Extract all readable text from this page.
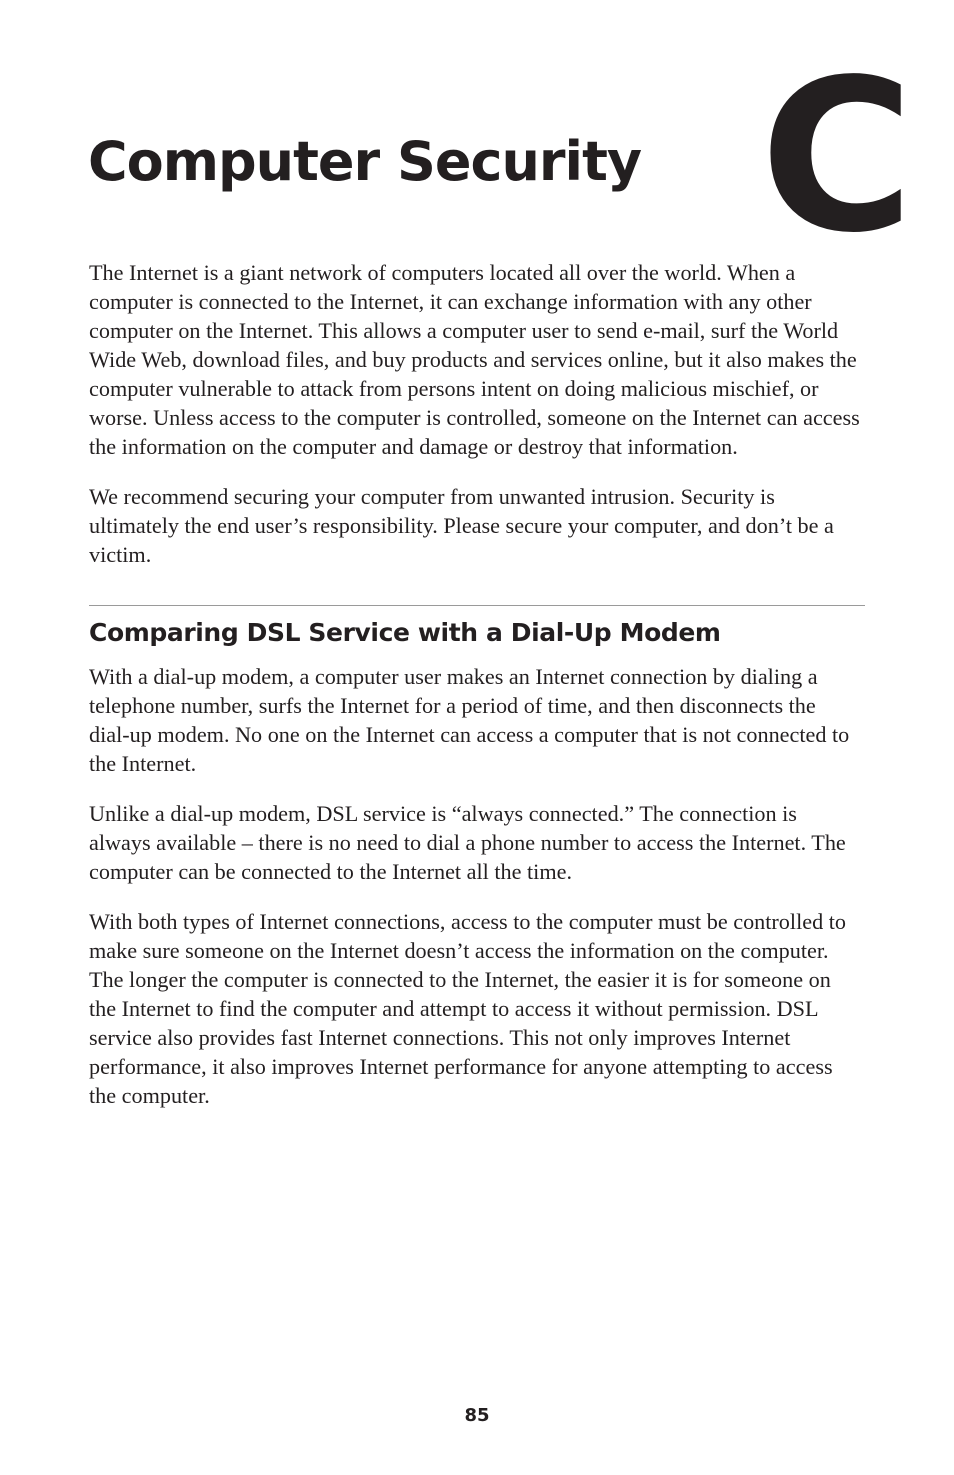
C
Computer Security

The Internet is a giant network of computers located all over the world. When a computer is connected to the Internet, it can exchange information with any other computer on the Internet. This allows a computer user to send e-mail, surf the World Wide Web, download files, and buy products and services online, but it also makes the computer vulnerable to attack from persons intent on doing malicious mischief, or worse. Unless access to the computer is controlled, someone on the Internet can access the information on the computer and damage or destroy that information.

We recommend securing your computer from unwanted intrusion. Security is ultimately the end user’s responsibility. Please secure your computer, and don’t be a victim.

Comparing DSL Service with a Dial-Up Modem

With a dial-up modem, a computer user makes an Internet connection by dialing a telephone number, surfs the Internet for a period of time, and then disconnects the dial-up modem. No one on the Internet can access a computer that is not connected to the Internet.

Unlike a dial-up modem, DSL service is “always connected.” The connection is always available – there is no need to dial a phone number to access the Internet. The computer can be connected to the Internet all the time.

With both types of Internet connections, access to the computer must be controlled to make sure someone on the Internet doesn’t access the information on the computer. The longer the computer is connected to the Internet, the easier it is for someone on the Internet to find the computer and attempt to access it without permission. DSL service also provides fast Internet connections. This not only improves Internet performance, it also improves Internet performance for anyone attempting to access the computer.

85
